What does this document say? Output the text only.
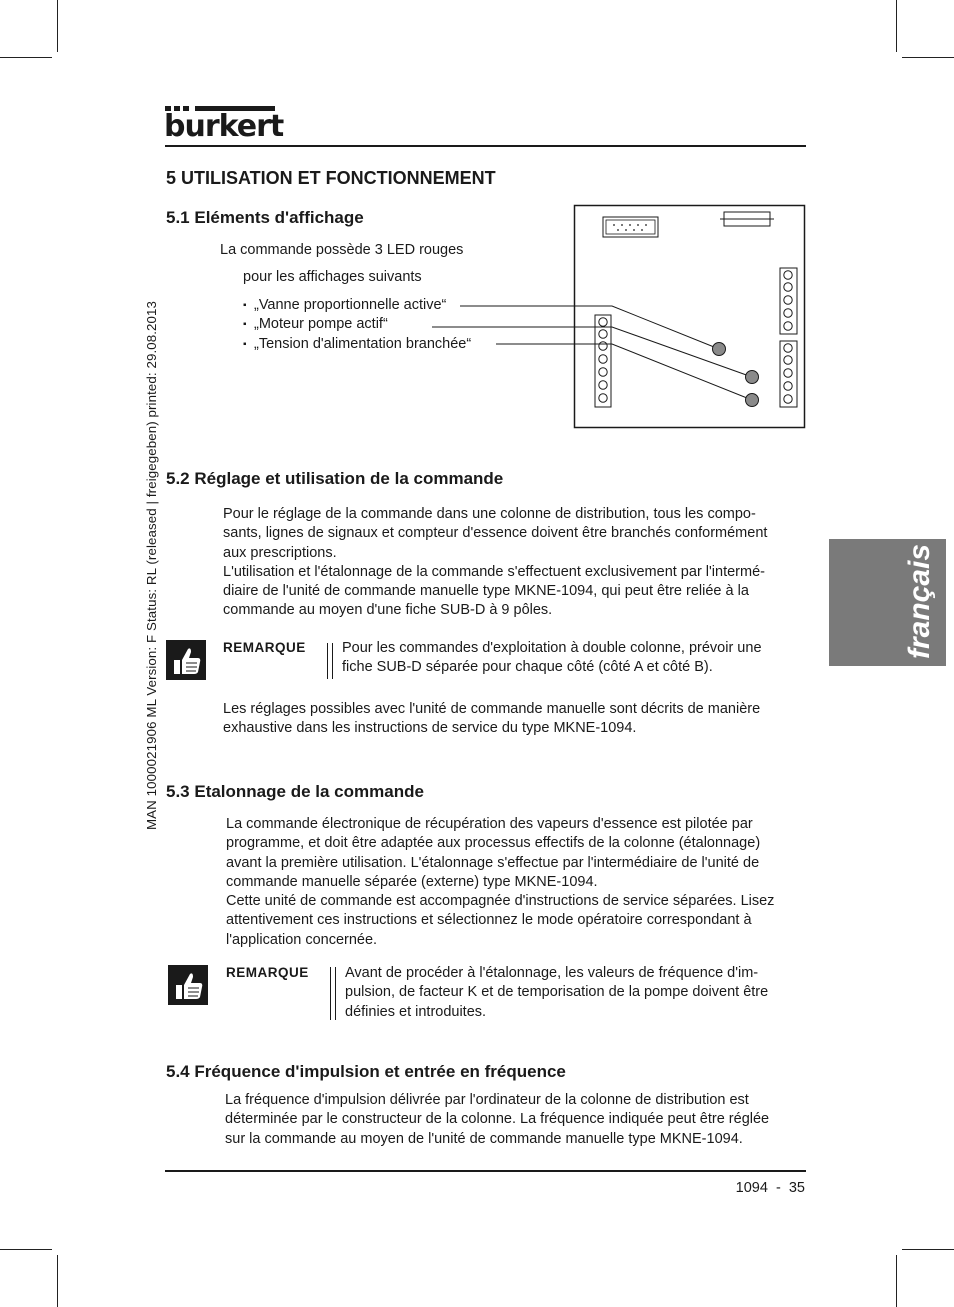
burkert
MAN 1000021906 ML Version: F Status: RL (released | freigegeben) printed: 29.08.2013	français
5 UTILISATION ET FONCTIONNEMENT
5.1 Eléments d'affichage
La commande possède 3 LED rouges
pour les affichages suivants
▪ „Vanne proportionnelle active“
▪ „Moteur pompe actif“
▪ „Tension d'alimentation branchée“
5.2 Réglage et utilisation de la commande
Pour le réglage de la commande dans une colonne de distribution, tous les compo-
sants, lignes de signaux et compteur d'essence doivent être branchés conformément
aux prescriptions.
L'utilisation et l'étalonnage de la commande s'effectuent exclusivement par l'intermé-
diaire de l'unité de commande manuelle type MKNE-1094, qui peut être reliée à la
commande au moyen d'une fiche SUB-D à 9 pôles.
REMARQUE Pour les commandes d'exploitation à double colonne, prévoir une
fiche SUB-D séparée pour chaque côté (côté A et côté B).
Les réglages possibles avec l'unité de commande manuelle sont décrits de manière
exhaustive dans les instructions de service du type MKNE-1094.
5.3 Etalonnage de la commande
La commande électronique de récupération des vapeurs d'essence est pilotée par
programme, et doit être adaptée aux processus effectifs de la colonne (étalonnage)
avant la première utilisation. L'étalonnage s'effectue par l'intermédiaire de l'unité de
commande manuelle séparée (externe) type MKNE-1094.
Cette unité de commande est accompagnée d'instructions de service séparées. Lisez
attentivement ces instructions et sélectionnez le mode opératoire correspondant à
l'application concernée.
REMARQUE Avant de procéder à l'étalonnage, les valeurs de fréquence d'im-
pulsion, de facteur K et de temporisation de la pompe doivent être
définies et introduites.
5.4 Fréquence d'impulsion et entrée en fréquence
La fréquence d'impulsion délivrée par l'ordinateur de la colonne de distribution est
déterminée par le constructeur de la colonne. La fréquence indiquée peut être réglée
sur la commande au moyen de l'unité de commande manuelle type MKNE-1094.
1094  -  35
